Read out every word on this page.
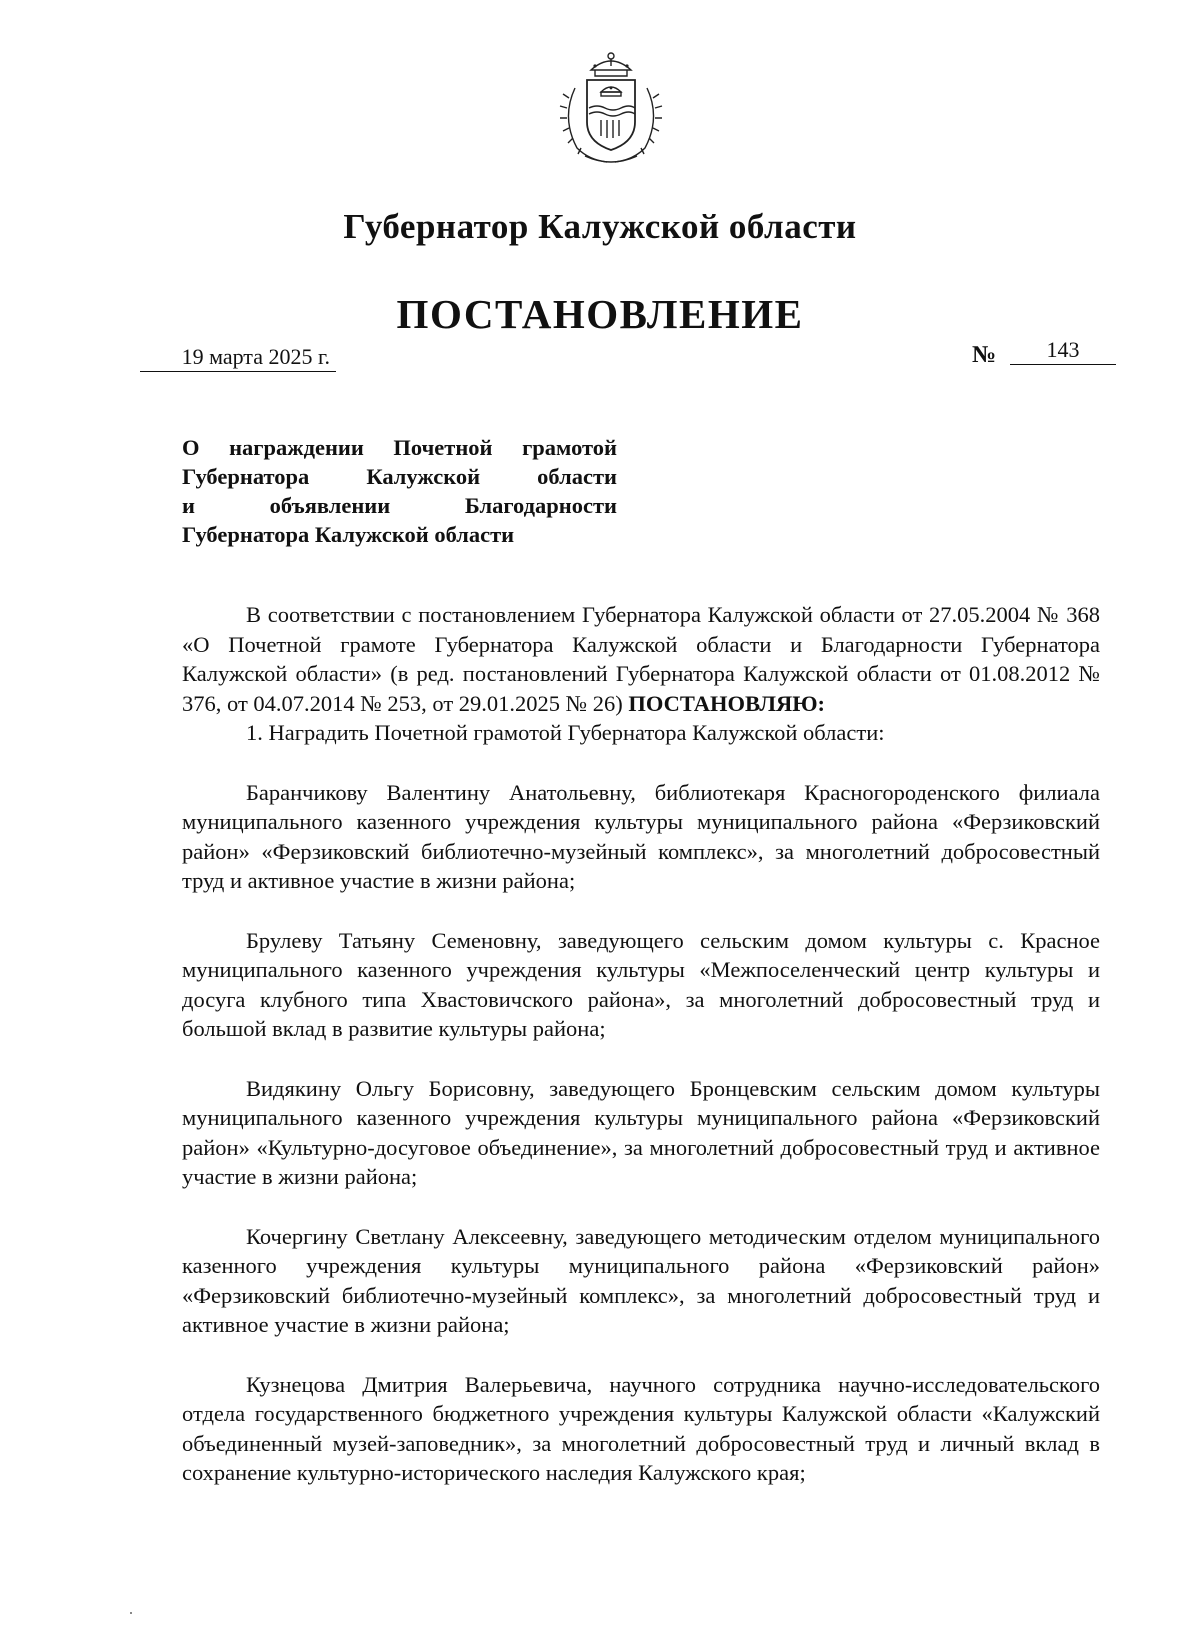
Губернатор Калужской области
ПОСТАНОВЛЕНИЕ
19 марта 2025 г.	№	143
О награждении Почетной грамотой
Губернатора Калужской области
и объявлении Благодарности
Губернатора Калужской области

В соответствии с постановлением Губернатора Калужской области от 27.05.2004 № 368 «О Почетной грамоте Губернатора Калужской области и Благодарности Губернатора Калужской области» (в ред. постановлений Губернатора Калужской области от 01.08.2012 № 376, от 04.07.2014 № 253, от 29.01.2025 № 26) ПОСТАНОВЛЯЮ:

1. Наградить Почетной грамотой Губернатора Калужской области:

Баранчикову Валентину Анатольевну, библиотекаря Красногороденского филиала муниципального казенного учреждения культуры муниципального района «Ферзиковский район» «Ферзиковский библиотечно-музейный комплекс», за многолетний добросовестный труд и активное участие в жизни района;

Брулеву Татьяну Семеновну, заведующего сельским домом культуры с. Красное муниципального казенного учреждения культуры «Межпоселенческий центр культуры и досуга клубного типа Хвастовичского района», за многолетний добросовестный труд и большой вклад в развитие культуры района;

Видякину Ольгу Борисовну, заведующего Бронцевским сельским домом культуры муниципального казенного учреждения культуры муниципального района «Ферзиковский район» «Культурно-досуговое объединение», за многолетний добросовестный труд и активное участие в жизни района;

Кочергину Светлану Алексеевну, заведующего методическим отделом муниципального казенного учреждения культуры муниципального района «Ферзиковский район» «Ферзиковский библиотечно-музейный комплекс», за многолетний добросовестный труд и активное участие в жизни района;

Кузнецова Дмитрия Валерьевича, научного сотрудника научно-исследовательского отдела государственного бюджетного учреждения культуры Калужской области «Калужский объединенный музей-заповедник», за многолетний добросовестный труд и личный вклад в сохранение культурно-исторического наследия Калужского края;
